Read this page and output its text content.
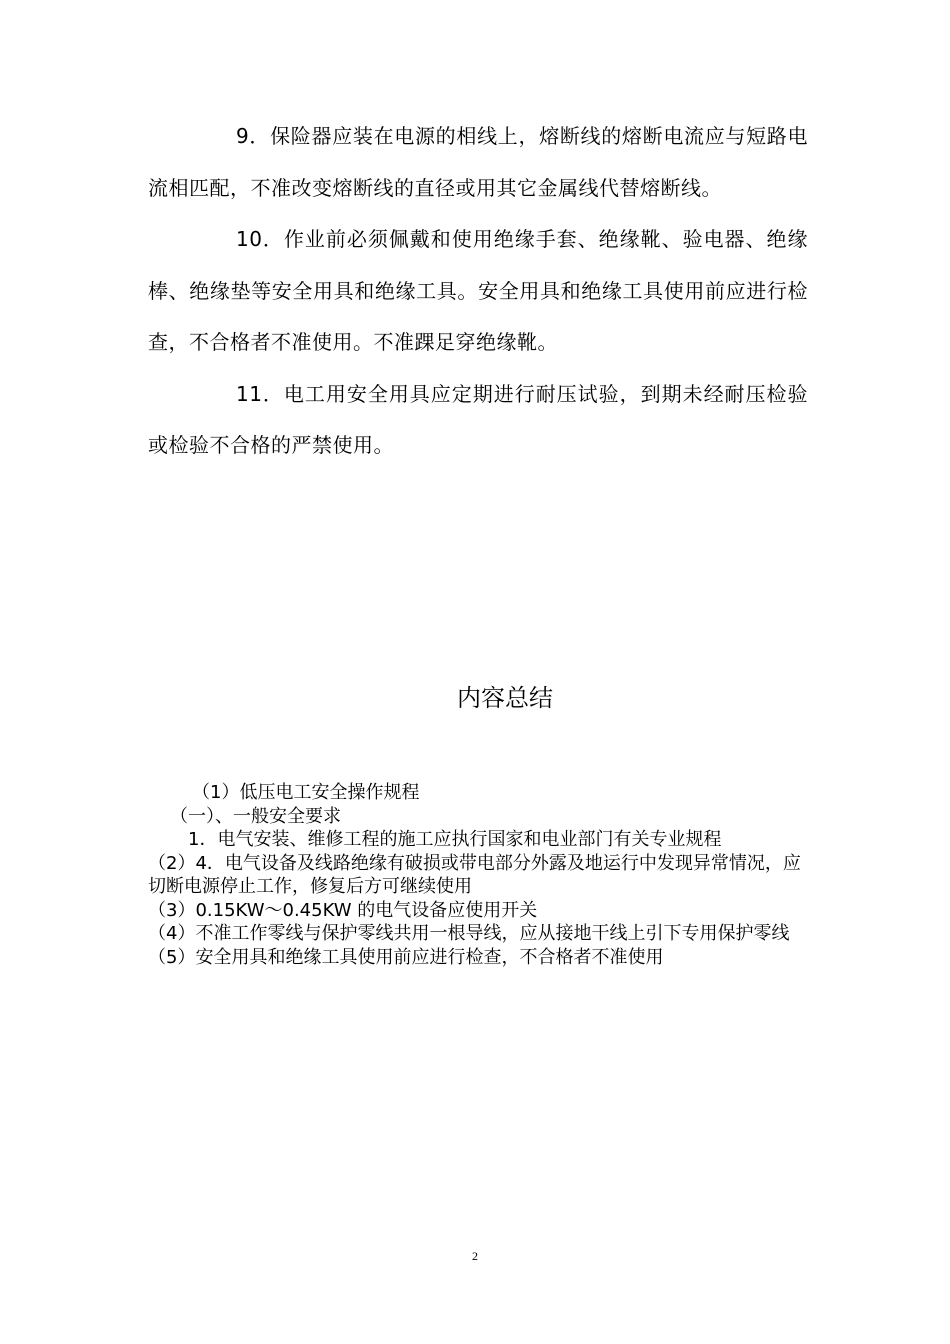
9．保险器应装在电源的相线上，熔断线的熔断电流应与短路电流相匹配，不准改变熔断线的直径或用其它金属线代替熔断线。

10．作业前必须佩戴和使用绝缘手套、绝缘靴、验电器、绝缘棒、绝缘垫等安全用具和绝缘工具。安全用具和绝缘工具使用前应进行检查，不合格者不准使用。不准踝足穿绝缘靴。

11．电工用安全用具应定期进行耐压试验，到期未经耐压检验或检验不合格的严禁使用。

内容总结
（1）低压电工安全操作规程
（一）、一般安全要求
1．电气安装、维修工程的施工应执行国家和电业部门有关专业规程
（2）4．电气设备及线路绝缘有破损或带电部分外露及地运行中发现异常情况，应切断电源停止工作，修复后方可继续使用
（3）0.15KW～0.45KW 的电气设备应使用开关
（4）不准工作零线与保护零线共用一根导线，应从接地干线上引下专用保护零线
（5）安全用具和绝缘工具使用前应进行检查，不合格者不准使用
2
